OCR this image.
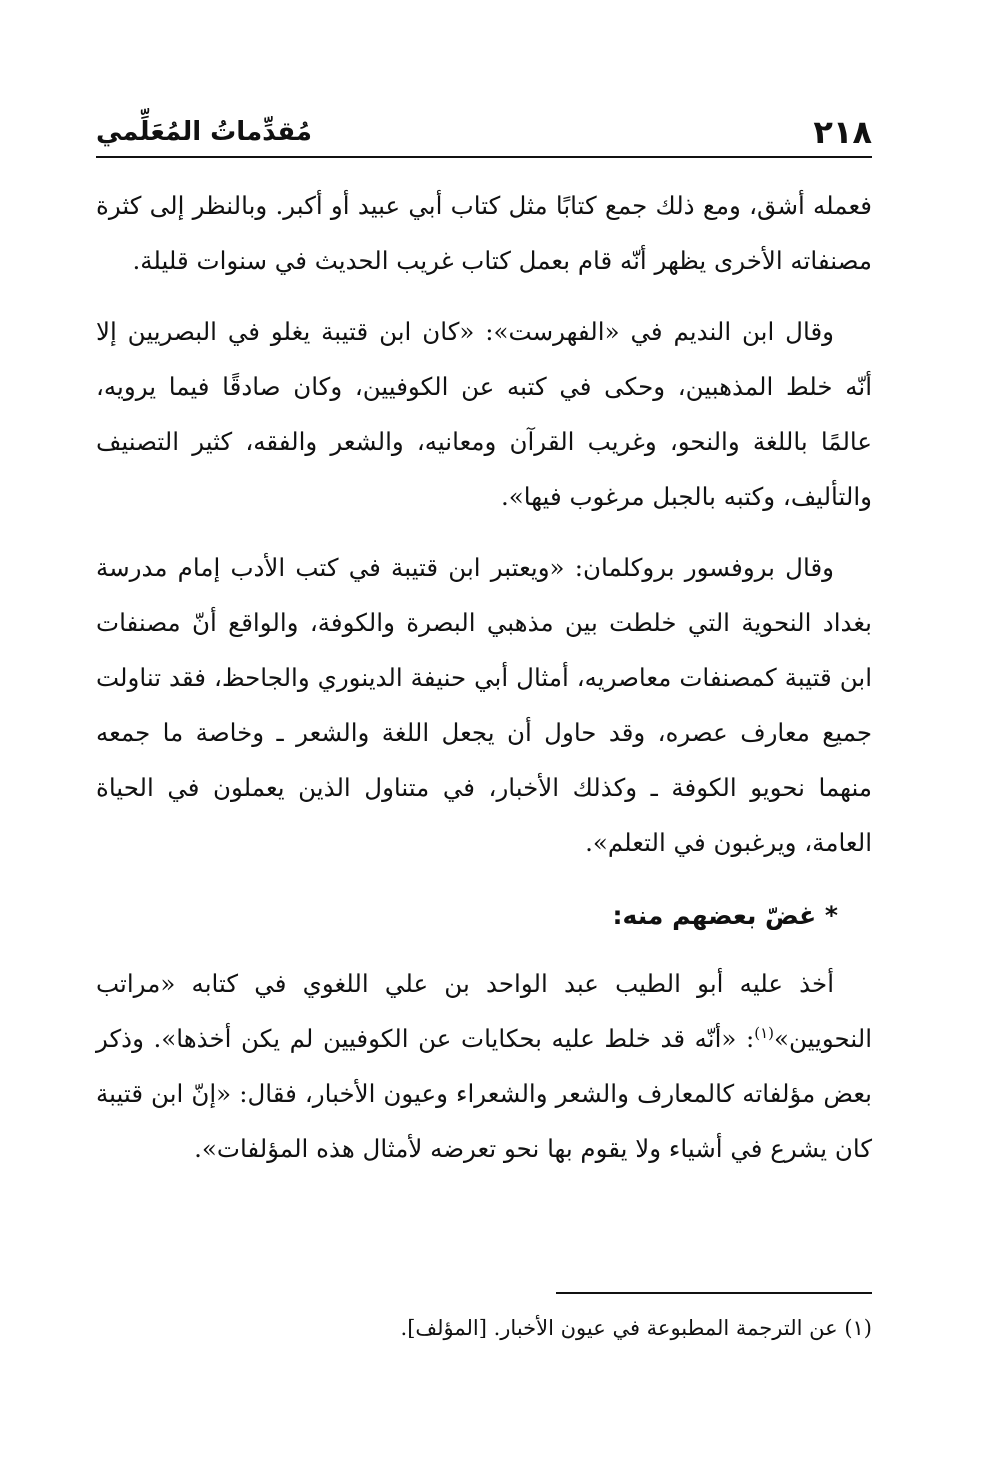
٢١٨
مُقدِّماتُ المُعَلِّمي

فعمله أشق، ومع ذلك جمع كتابًا مثل كتاب أبي عبيد أو أكبر. وبالنظر إلى كثرة مصنفاته الأخرى يظهر أنّه قام بعمل كتاب غريب الحديث في سنوات قليلة.

وقال ابن النديم في «الفهرست»: «كان ابن قتيبة يغلو في البصريين إلا أنّه خلط المذهبين، وحكى في كتبه عن الكوفيين، وكان صادقًا فيما يرويه، عالمًا باللغة والنحو، وغريب القرآن ومعانيه، والشعر والفقه، كثير التصنيف والتأليف، وكتبه بالجبل مرغوب فيها».

وقال بروفسور بروكلمان: «ويعتبر ابن قتيبة في كتب الأدب إمام مدرسة بغداد النحوية التي خلطت بين مذهبي البصرة والكوفة، والواقع أنّ مصنفات ابن قتيبة كمصنفات معاصريه، أمثال أبي حنيفة الدينوري والجاحظ، فقد تناولت جميع معارف عصره، وقد حاول أن يجعل اللغة والشعر ـ وخاصة ما جمعه منهما نحويو الكوفة ـ وكذلك الأخبار، في متناول الذين يعملون في الحياة العامة، ويرغبون في التعلم».

* غضّ بعضهم منه:

أخذ عليه أبو الطيب عبد الواحد بن علي اللغوي في كتابه «مراتب النحويين»$^{(١)}$: «أنّه قد خلط عليه بحكايات عن الكوفيين لم يكن أخذها». وذكر بعض مؤلفاته كالمعارف والشعر والشعراء وعيون الأخبار، فقال: «إنّ ابن قتيبة كان يشرع في أشياء ولا يقوم بها نحو تعرضه لأمثال هذه المؤلفات».

(١) عن الترجمة المطبوعة في عيون الأخبار. [المؤلف].
